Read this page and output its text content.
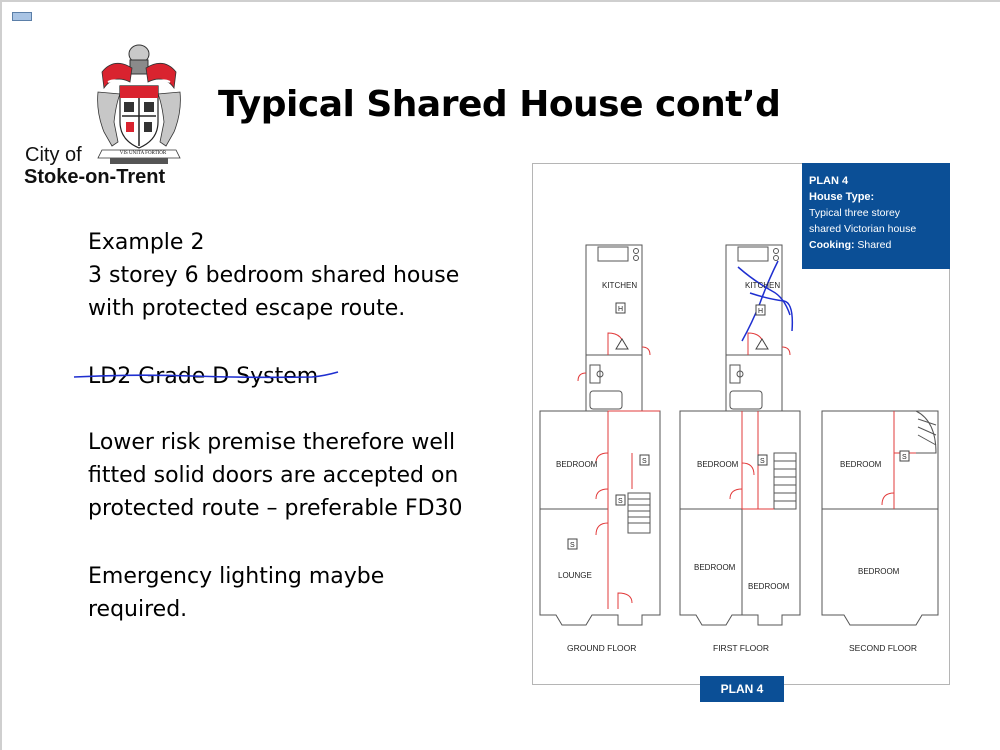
City of
Stoke-on-Trent
VIS UNITA FORTIOR
Typical Shared House cont’d
Example 2
3 storey 6 bedroom shared house
with protected escape route.
LD2 Grade D System
Lower risk premise therefore well
fitted solid doors are accepted on
protected route – preferable FD30
Emergency lighting maybe
required.
H
S
S
S
H
S
S
KITCHEN
BEDROOM
LOUNGE
KITCHEN
BEDROOM
BEDROOM
BEDROOM
BEDROOM
BEDROOM
GROUND FLOOR	FIRST FLOOR	SECOND FLOOR
PLAN 4
House Type:
Typical three storey
shared Victorian house
Cooking: Shared
PLAN 4
